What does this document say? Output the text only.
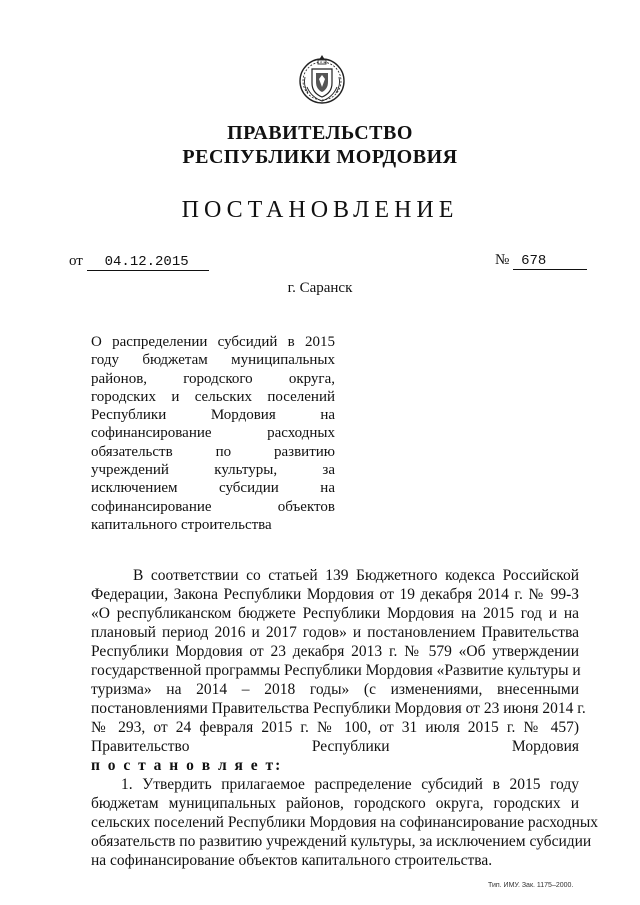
ПРАВИТЕЛЬСТВО
РЕСПУБЛИКИ МОРДОВИЯ
ПОСТАНОВЛЕНИЕ
от 04.12.2015	№ 678
г. Саранск
О распределении субсидий в 2015
году бюджетам муниципальных
районов, городского округа,
городских и сельских поселений
Республики Мордовия на
софинансирование расходных
обязательств по развитию
учреждений культуры, за
исключением субсидии на
софинансирование объектов
капитального строительства
В соответствии со статьей 139 Бюджетного кодекса Российской
Федерации, Закона Республики Мордовия от 19 декабря 2014 г. № 99-З
«О республиканском бюджете Республики Мордовия на 2015 год и на
плановый период 2016 и 2017 годов» и постановлением Правительства
Республики Мордовия от 23 декабря 2013 г. № 579 «Об утверждении
государственной программы Республики Мордовия «Развитие культуры и
туризма» на 2014 – 2018 годы» (с изменениями, внесенными
постановлениями Правительства Республики Мордовия от 23 июня 2014 г.
№ 293, от 24 февраля 2015 г. № 100, от 31 июля 2015 г. № 457)
Правительство Республики Мордовия
п о с т а н о в л я е т:
1. Утвердить прилагаемое распределение субсидий в 2015 году
бюджетам муниципальных районов, городского округа, городских и
сельских поселений Республики Мордовия на софинансирование расходных
обязательств по развитию учреждений культуры, за исключением субсидии
на софинансирование объектов капитального строительства.
Тип. ИМУ. Зак. 1175–2000.
